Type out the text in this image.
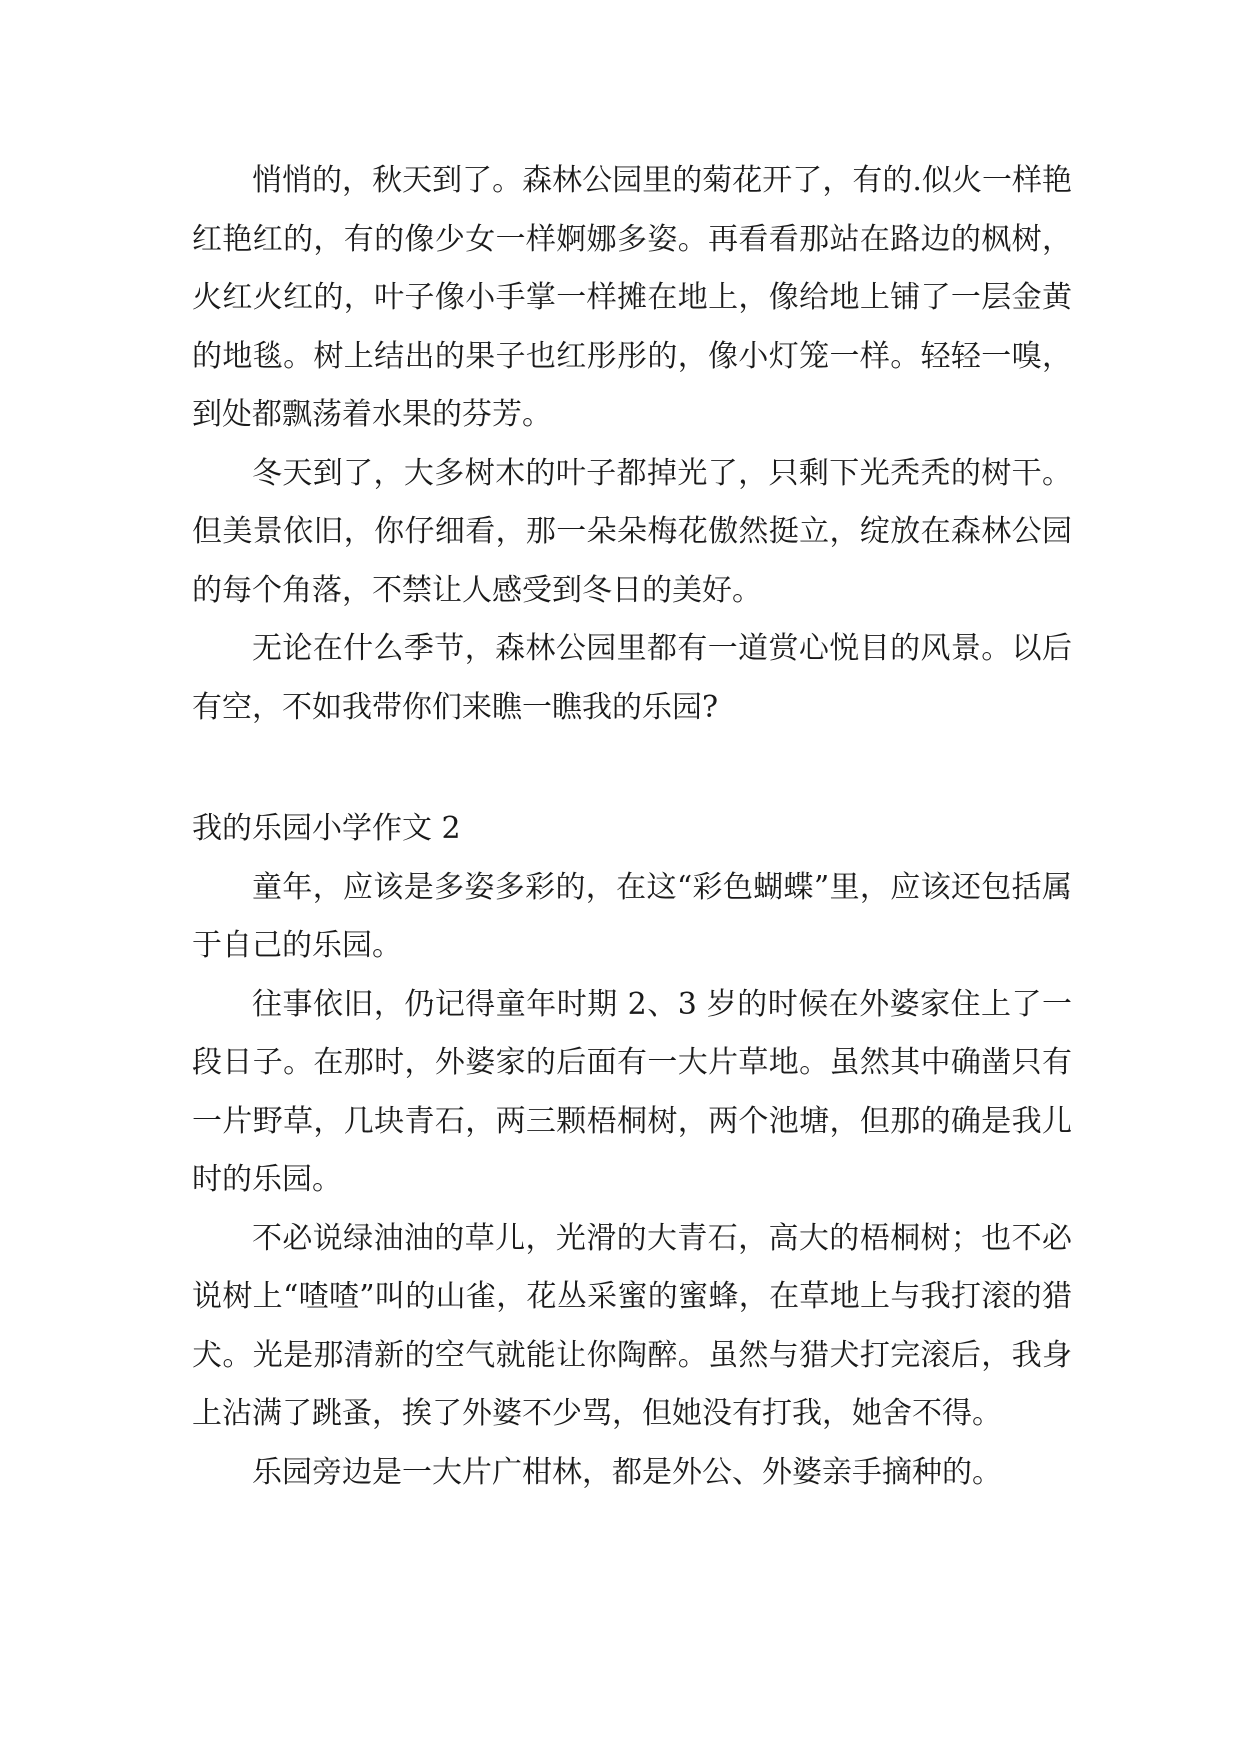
悄悄的，秋天到了。森林公园里的菊花开了，有的.似火一样艳红艳红的，有的像少女一样婀娜多姿。再看看那站在路边的枫树，火红火红的，叶子像小手掌一样摊在地上，像给地上铺了一层金黄的地毯。树上结出的果子也红彤彤的，像小灯笼一样。轻轻一嗅，到处都飘荡着水果的芬芳。

冬天到了，大多树木的叶子都掉光了，只剩下光秃秃的树干。但美景依旧，你仔细看，那一朵朵梅花傲然挺立，绽放在森林公园的每个角落，不禁让人感受到冬日的美好。

无论在什么季节，森林公园里都有一道赏心悦目的风景。以后有空，不如我带你们来瞧一瞧我的乐园?

我的乐园小学作文 2

童年，应该是多姿多彩的，在这“彩色蝴蝶”里，应该还包括属于自己的乐园。

往事依旧，仍记得童年时期 2、3 岁的时候在外婆家住上了一段日子。在那时，外婆家的后面有一大片草地。虽然其中确凿只有一片野草，几块青石，两三颗梧桐树，两个池塘，但那的确是我儿时的乐园。

不必说绿油油的草儿，光滑的大青石，高大的梧桐树；也不必说树上“喳喳”叫的山雀，花丛采蜜的蜜蜂，在草地上与我打滚的猎犬。光是那清新的空气就能让你陶醉。虽然与猎犬打完滚后，我身上沾满了跳蚤，挨了外婆不少骂，但她没有打我，她舍不得。

乐园旁边是一大片广柑林，都是外公、外婆亲手摘种的。
